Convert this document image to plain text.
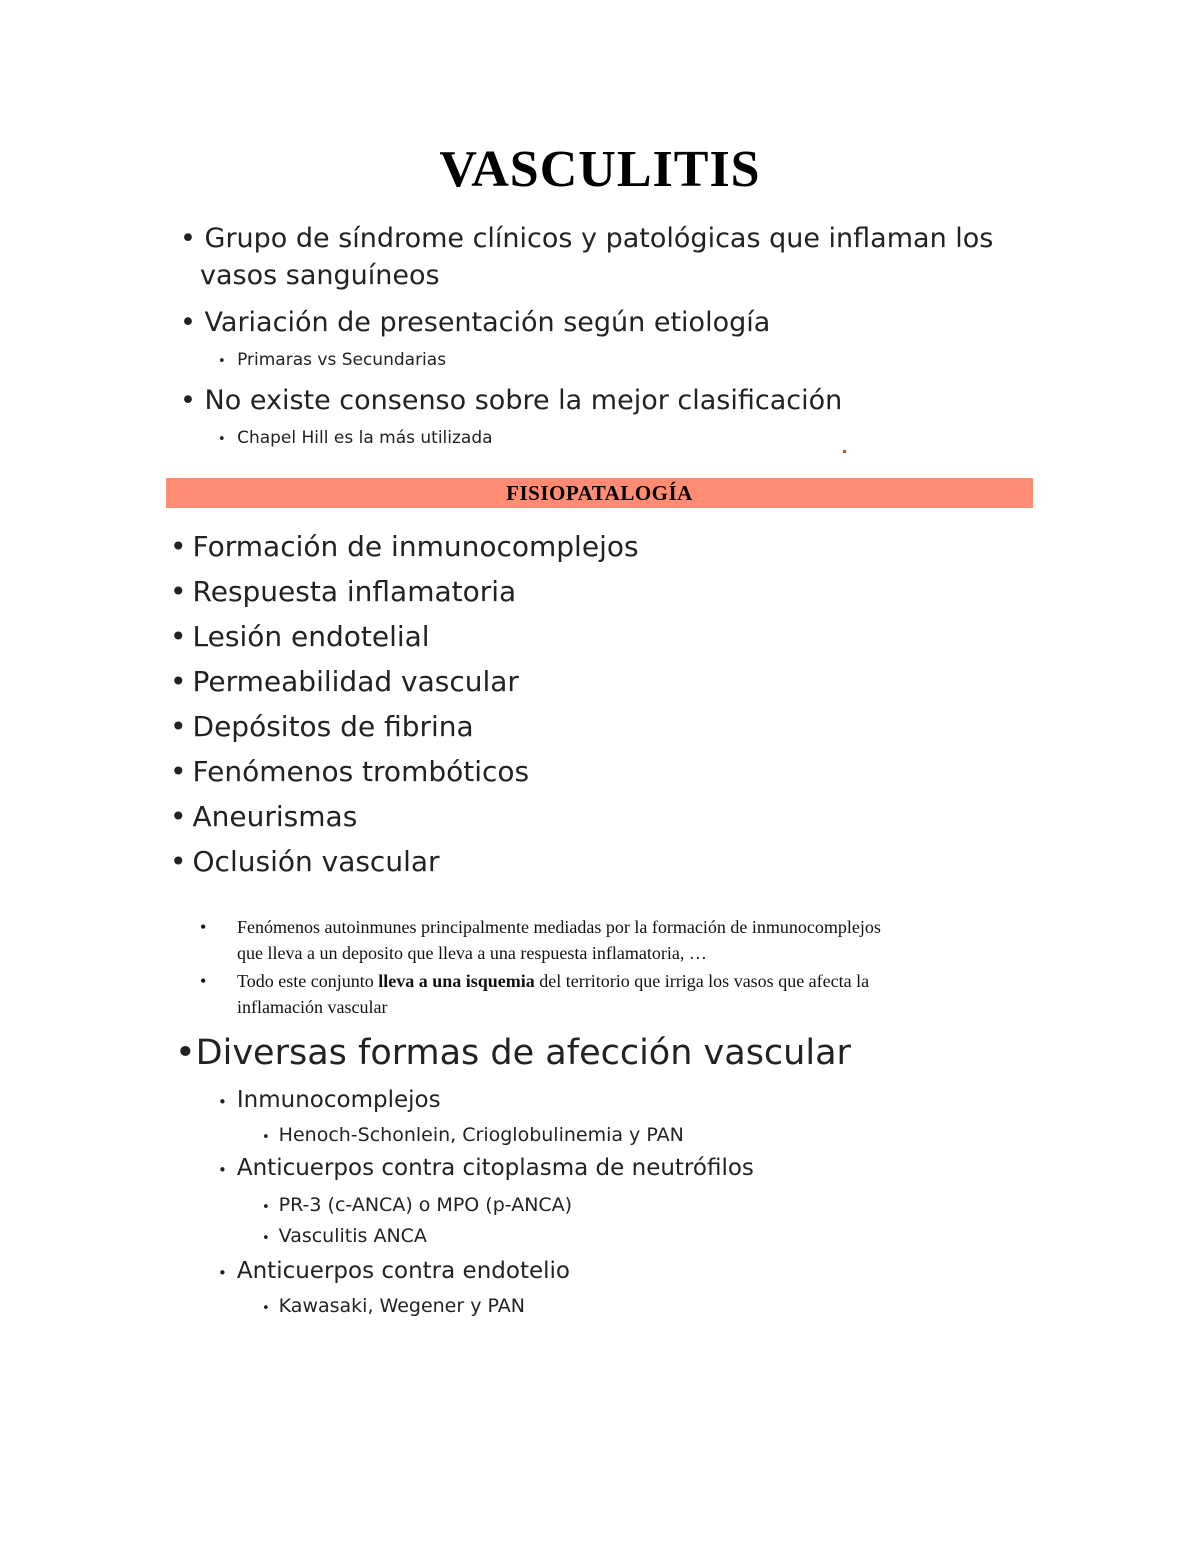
VASCULITIS
• Grupo de síndrome clínicos y patológicas que inflaman los
vasos sanguíneos
• Variación de presentación según etiología
• Primaras vs Secundarias
• No existe consenso sobre la mejor clasificación
• Chapel Hill es la más utilizada
FISIOPATALOGÍA
• Formación de inmunocomplejos
• Respuesta inflamatoria
• Lesión endotelial
• Permeabilidad vascular
• Depósitos de fibrina
• Fenómenos trombóticos
• Aneurismas
• Oclusión vascular
• Fenómenos autoinmunes principalmente mediadas por la formación de inmunocomplejos
que lleva a un deposito que lleva a una respuesta inflamatoria, …
• Todo este conjunto lleva a una isquemia del territorio que irriga los vasos que afecta la
inflamación vascular
•Diversas formas de afección vascular
• Inmunocomplejos
• Henoch-Schonlein, Crioglobulinemia y PAN
• Anticuerpos contra citoplasma de neutrófilos
• PR-3 (c-ANCA) o MPO (p-ANCA)
• Vasculitis ANCA
• Anticuerpos contra endotelio
• Kawasaki, Wegener y PAN
